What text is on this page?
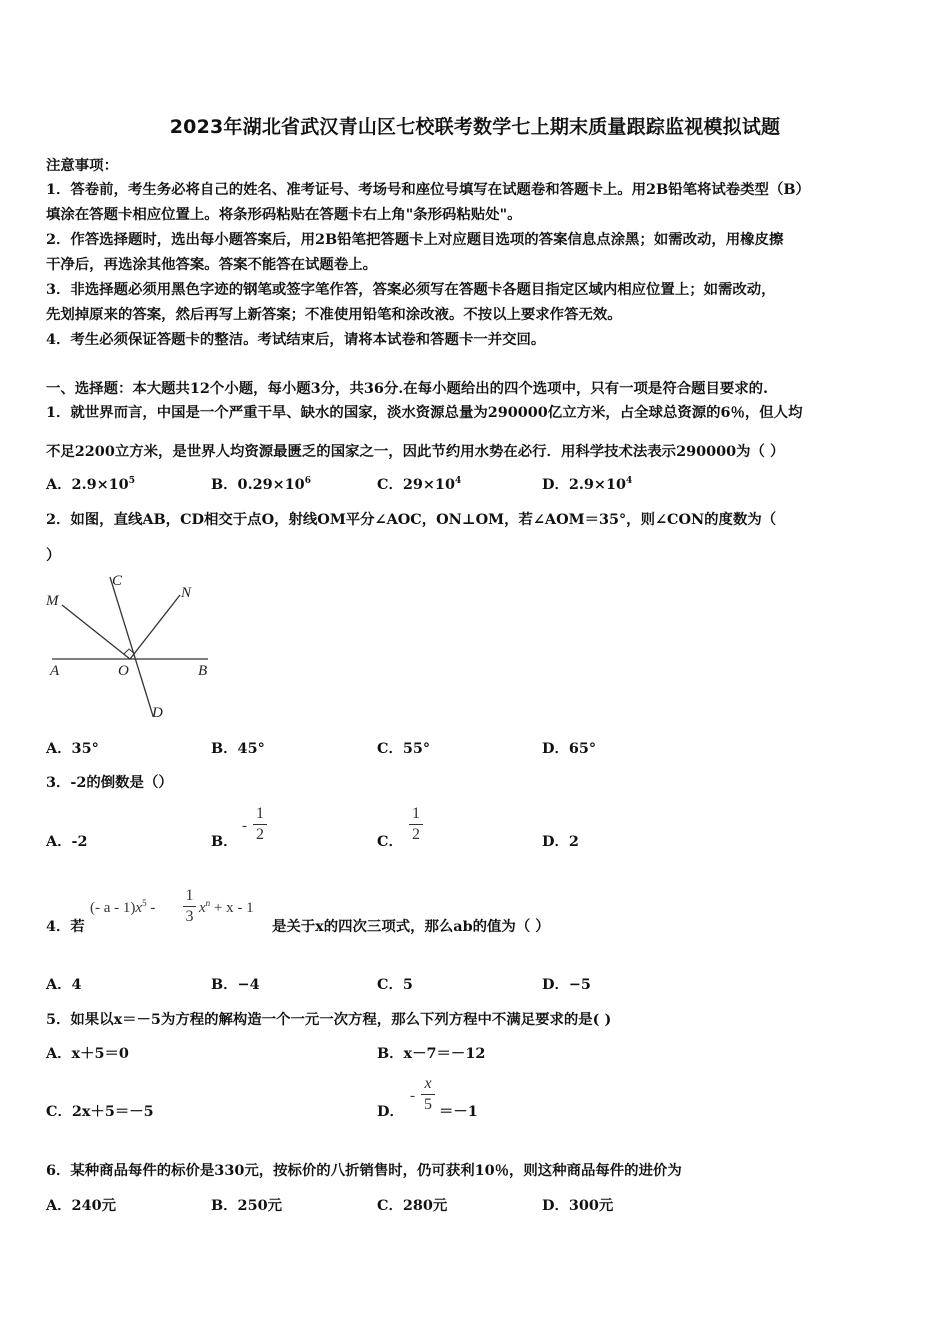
2023年湖北省武汉青山区七校联考数学七上期末质量跟踪监视模拟试题
注意事项：
1．答卷前，考生务必将自己的姓名、准考证号、考场号和座位号填写在试题卷和答题卡上。用2B铅笔将试卷类型（B）
填涂在答题卡相应位置上。将条形码粘贴在答题卡右上角"条形码粘贴处"。
2．作答选择题时，选出每小题答案后，用2B铅笔把答题卡上对应题目选项的答案信息点涂黑；如需改动，用橡皮擦
干净后，再选涂其他答案。答案不能答在试题卷上。
3．非选择题必须用黑色字迹的钢笔或签字笔作答，答案必须写在答题卡各题目指定区域内相应位置上；如需改动，
先划掉原来的答案，然后再写上新答案；不准使用铅笔和涂改液。不按以上要求作答无效。
4．考生必须保证答题卡的整洁。考试结束后，请将本试卷和答题卡一并交回。
一、选择题：本大题共12个小题，每小题3分，共36分.在每小题给出的四个选项中，只有一项是符合题目要求的.
1．就世界而言，中国是一个严重干旱、缺水的国家，淡水资源总量为290000亿立方米，占全球总资源的6％，但人均
不足2200立方米，是世界人均资源最匮乏的国家之一，因此节约用水势在必行．用科学技术法表示290000为（ ）
A．$2.9\times 10^5$	B．$0.29\times 10^6$	C．$29\times 10^4$	D．$2.9\times 10^4$
2．如图，直线AB，CD相交于点O，射线OM平分∠AOC，ON⊥OM，若∠AOM＝35°，则∠CON的度数为（
）
M
C
N
A	O	B
D
A．35°	B．45°	C．55°	D．65°
3．-2的倒数是（）
A．-2	B．
-
1
2	C．
1
2	D．2
4．若
(- a - $1)x^5$ -
1
3 $x^n + x - 1$
是关于x的四次三项式，那么ab的值为（ ）
A．4	B．−4	C．5	D．−5
5．如果以x＝－5为方程的解构造一个一元一次方程，那么下列方程中不满足要求的是( )
A．x＋5＝0	B．x－7＝－12
C．2x＋5＝－5	D．
-
x
5 ＝－1
6．某种商品每件的标价是330元，按标价的八折销售时，仍可获利10％，则这种商品每件的进价为
A．240元	B．250元	C．280元	D．300元
